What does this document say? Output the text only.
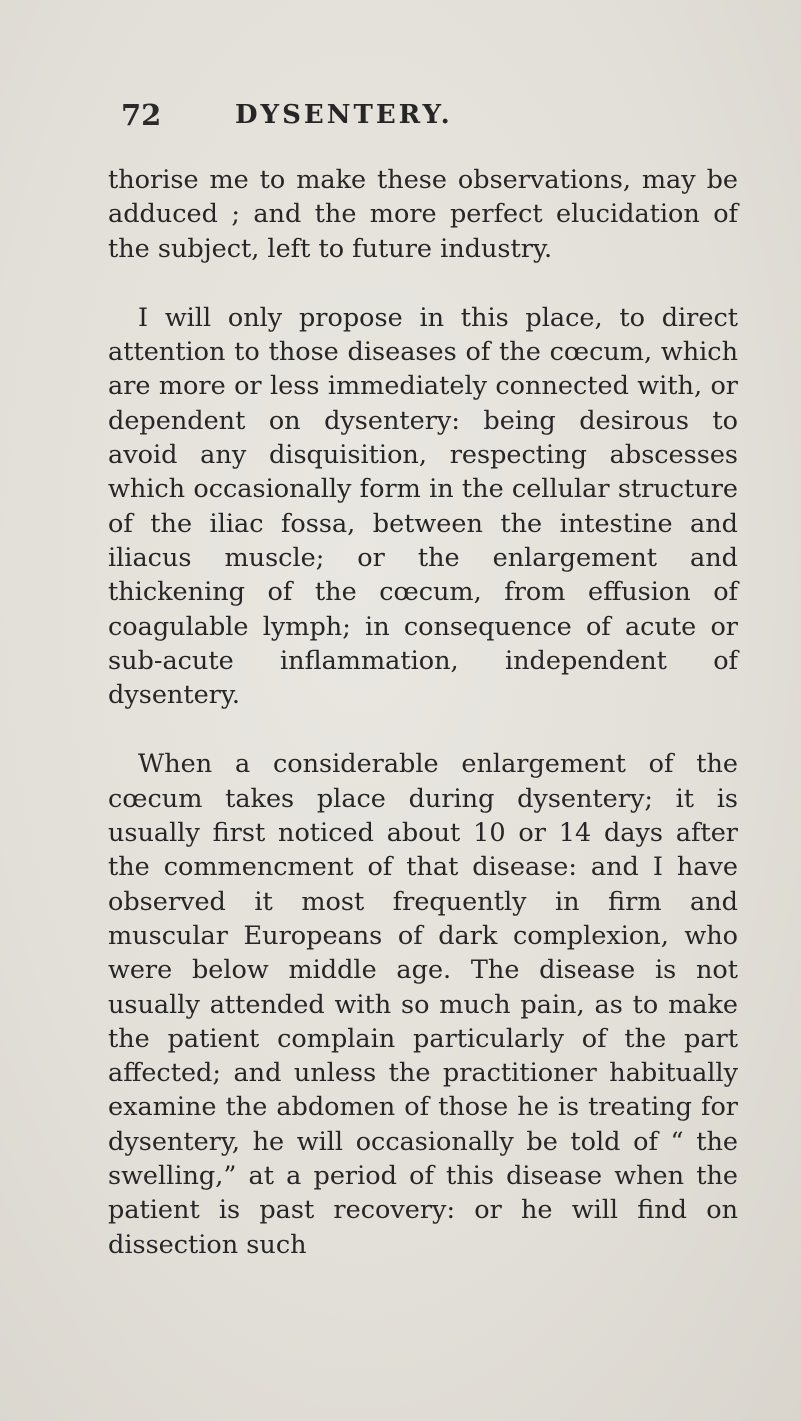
72	DYSENTERY.

thorise me to make these observations, may be adduced ; and the more perfect elucidation of the subject, left to future industry.

I will only propose in this place, to direct attention to those diseases of the cœcum, which are more or less immediately connected with, or dependent on dysentery: being desirous to avoid any disquisition, respecting abscesses which occasionally form in the cellular structure of the iliac fossa, between the intestine and iliacus muscle; or the enlargement and thickening of the cœcum, from effusion of coagulable lymph; in consequence of acute or sub-acute inflammation, independent of dysentery.

When a considerable enlargement of the cœcum takes place during dysentery; it is usually first noticed about 10 or 14 days after the commencment of that disease: and I have observed it most frequently in firm and muscular Europeans of dark complexion, who were below middle age. The disease is not usually attended with so much pain, as to make the patient complain particularly of the part affected; and unless the practitioner habitually examine the abdomen of those he is treating for dysentery, he will occasionally be told of “ the swelling,” at a period of this disease when the patient is past recovery: or he will find on dissection such
